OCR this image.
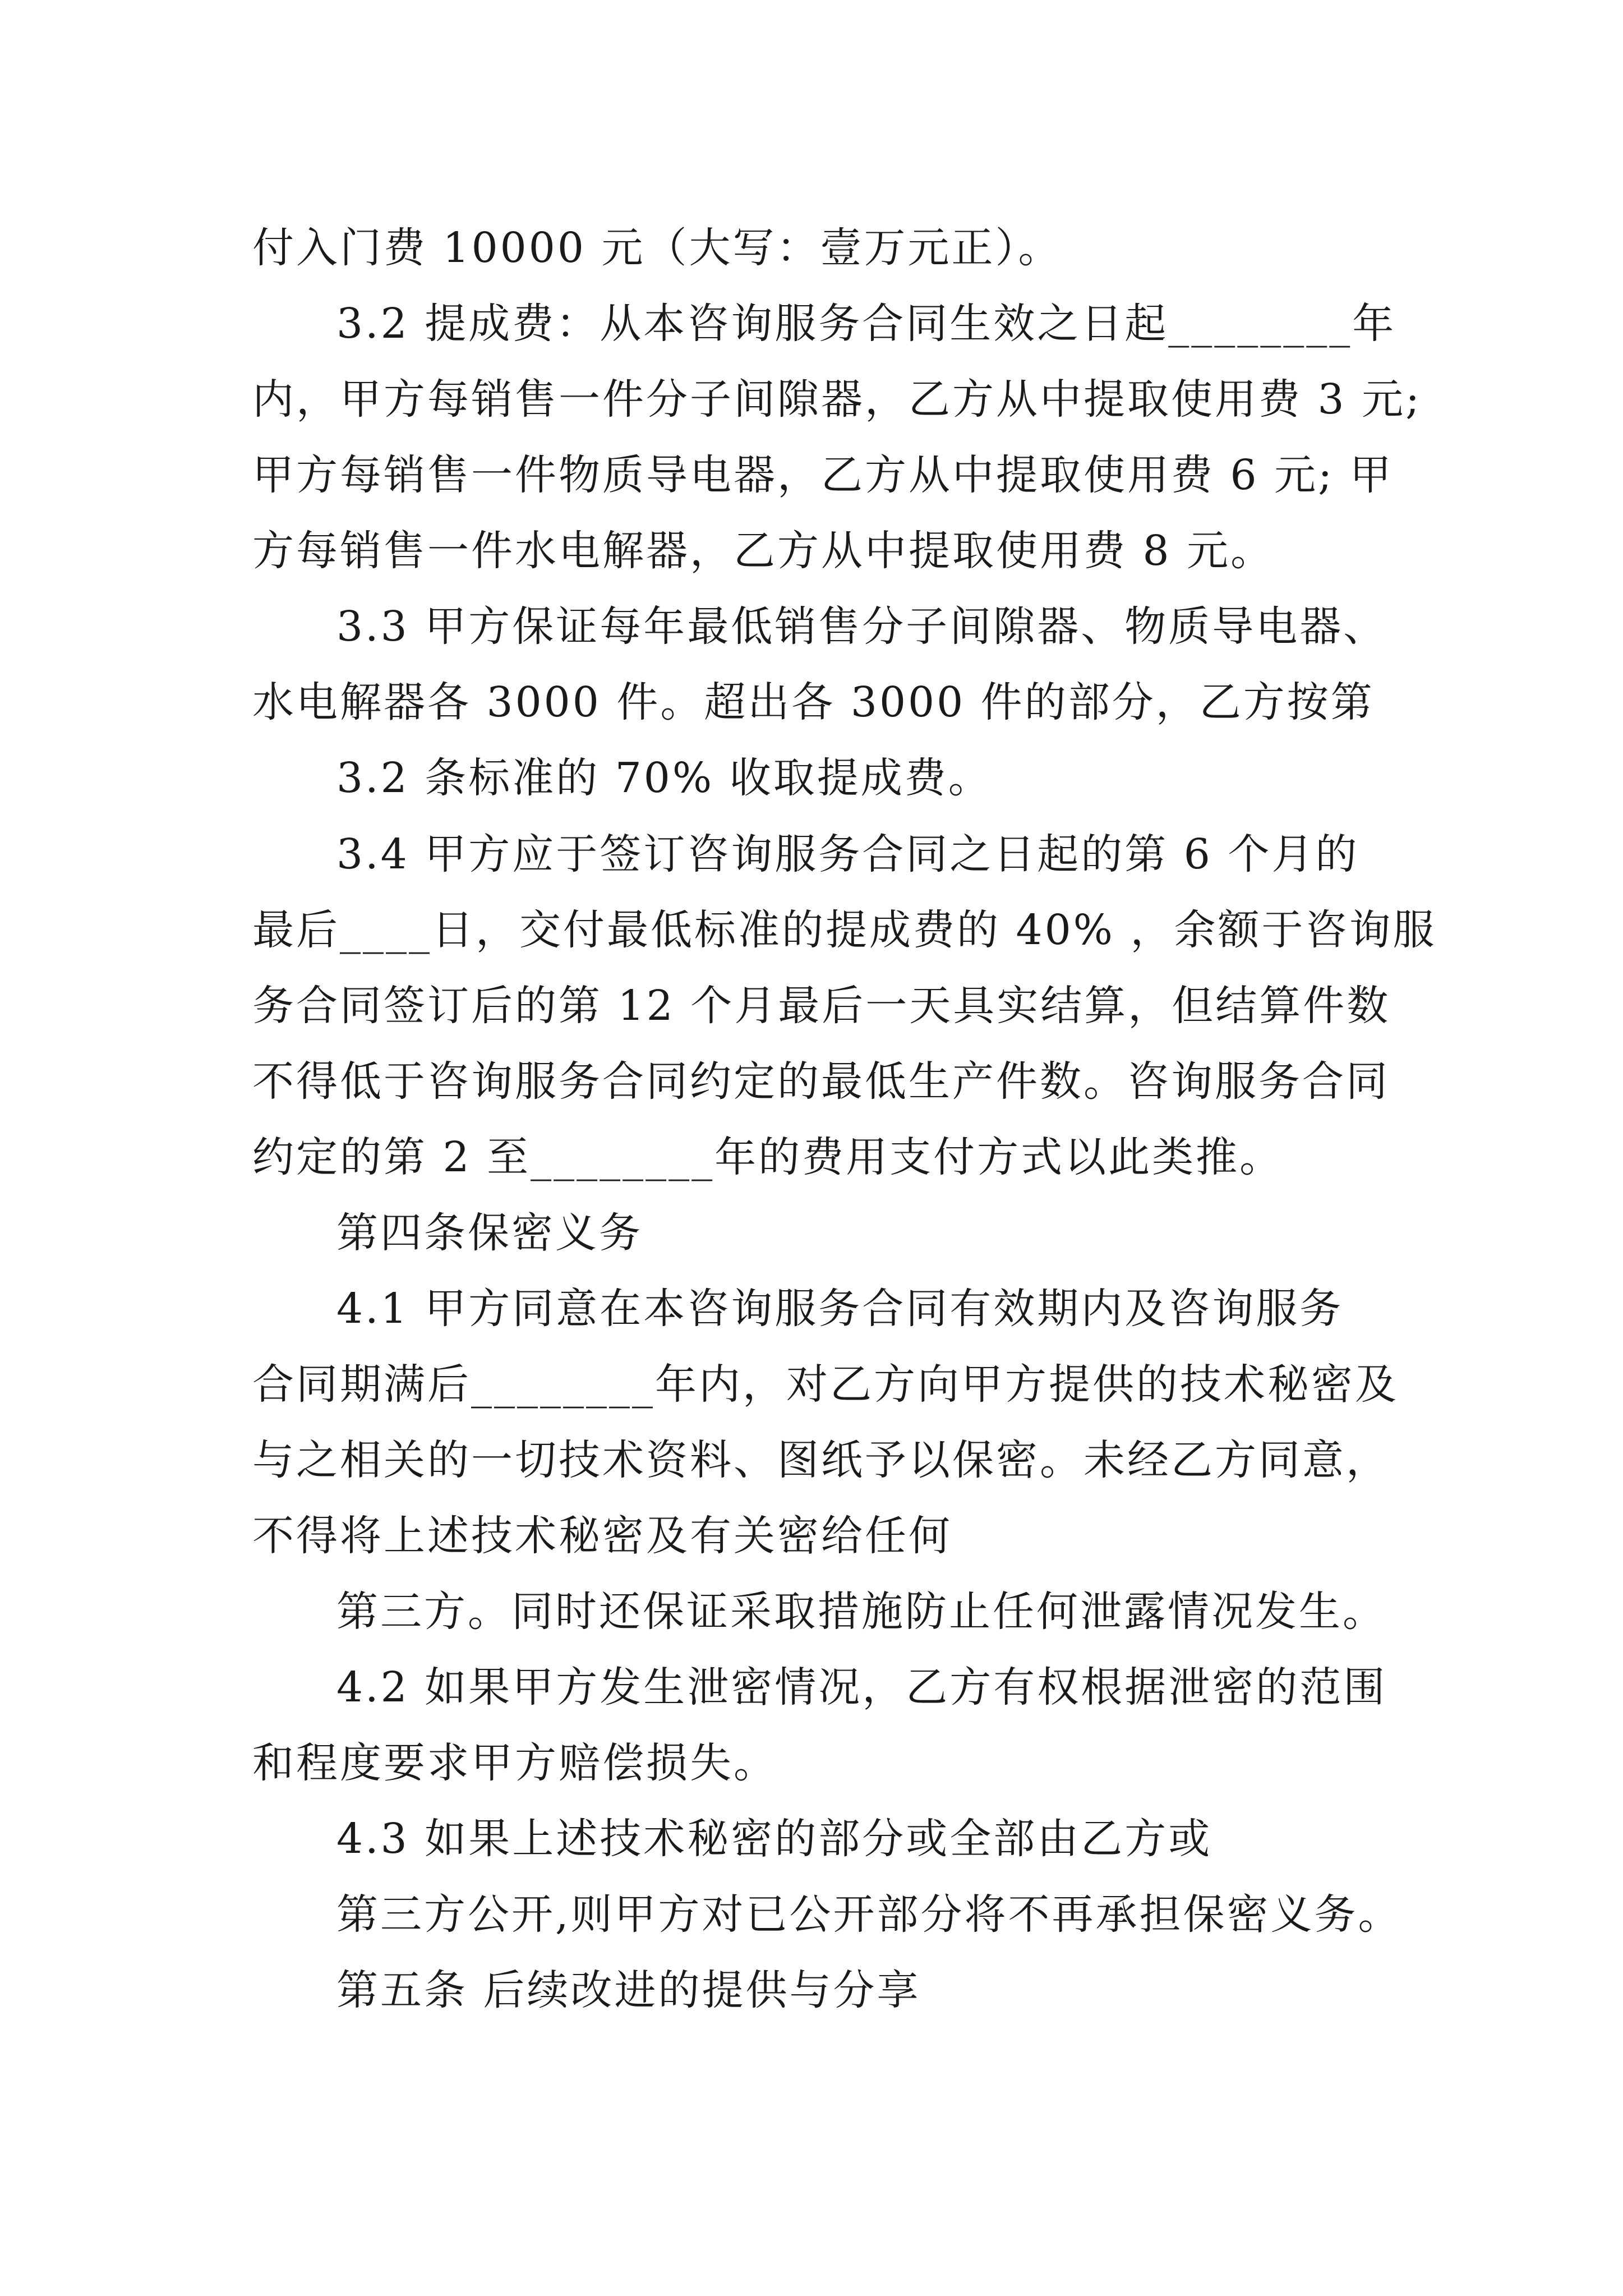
付入门费 10000 元（大写：壹万元正）。

3.2 提成费：从本咨询服务合同生效之日起________年

内，甲方每销售一件分子间隙器，乙方从中提取使用费 3 元;

甲方每销售一件物质导电器，乙方从中提取使用费 6 元; 甲

方每销售一件水电解器，乙方从中提取使用费 8 元。

3.3 甲方保证每年最低销售分子间隙器、物质导电器、

水电解器各 3000 件。超出各 3000 件的部分，乙方按第

3.2 条标准的 70% 收取提成费。

3.4 甲方应于签订咨询服务合同之日起的第 6 个月的

最后____日，交付最低标准的提成费的 40% ，余额于咨询服

务合同签订后的第 12 个月最后一天具实结算，但结算件数

不得低于咨询服务合同约定的最低生产件数。咨询服务合同

约定的第 2 至________年的费用支付方式以此类推。

第四条保密义务

4.1 甲方同意在本咨询服务合同有效期内及咨询服务

合同期满后________年内，对乙方向甲方提供的技术秘密及

与之相关的一切技术资料、图纸予以保密。未经乙方同意，

不得将上述技术秘密及有关密给任何

第三方。同时还保证采取措施防止任何泄露情况发生。

4.2 如果甲方发生泄密情况，乙方有权根据泄密的范围

和程度要求甲方赔偿损失。

4.3 如果上述技术秘密的部分或全部由乙方或

第三方公开,则甲方对已公开部分将不再承担保密义务。

第五条 后续改进的提供与分享
